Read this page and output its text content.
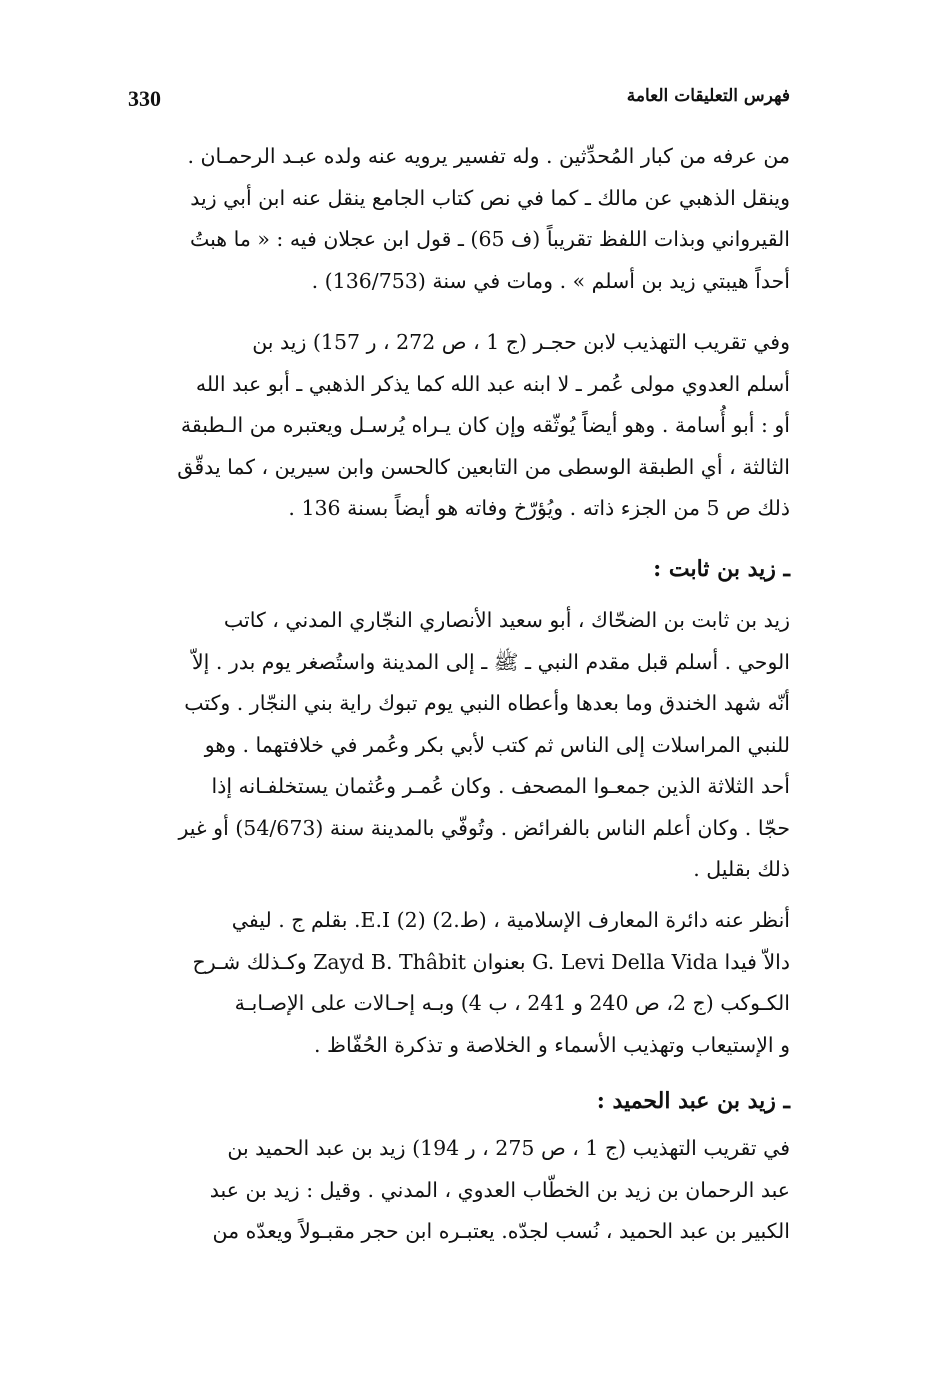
330	فهرس التعليقات العامة
من عرفه من كبار المُحدِّثين . وله تفسير يرويه عنه ولده عبـد الرحمـان .
وينقل الذهبي عن مالك ـ كما في نص كتاب الجامع ينقل عنه ابن أبي زيد
القيرواني وبذات اللفظ تقريباً (ف 65) ـ قول ابن عجلان فيه : « ما هبتُ
أحداً هيبتي زيد بن أسلم » . ومات في سنة (136/753) .
وفي تقريب التهذيب لابن حجـر (ج 1 ، ص 272 ، ر 157) زيد بن
أسلم العدوي مولى عُمر ـ لا ابنه عبد الله كما يذكر الذهبي ـ أبو عبد الله
أو : أبو أُسامة . وهو أيضاً يُوثّقه وإن كان يـراه يُرسـل ويعتبره من الـطبقة
الثالثة ، أي الطبقة الوسطى من التابعين كالحسن وابن سيرين ، كما يدقّق
ذلك ص 5 من الجزء ذاته . ويُؤرّخ وفاته هو أيضاً بسنة 136 .
ـ زيد بن ثابت :
زيد بن ثابت بن الضحّاك ، أبو سعيد الأنصاري النجّاري المدني ، كاتب
الوحي . أسلم قبل مقدم النبي ـ ﷺ ـ إلى المدينة واستُصغر يوم بدر . إلاّ
أنّه شهد الخندق وما بعدها وأعطاه النبي يوم تبوك راية بني النجّار . وكتب
للنبي المراسلات إلى الناس ثم كتب لأبي بكر وعُمر في خلافتهما . وهو
أحد الثلاثة الذين جمعـوا المصحف . وكان عُمـر وعُثمان يستخلفـانه إذا
حجّا . وكان أعلم الناس بالفرائض . وتُوفّي بالمدينة سنة (54/673) أو غير
ذلك بقليل .
أنظر عنه دائرة المعارف الإسلامية ، (ط.2) (2) E.I. بقلم ج . ليفي
دالاّ فيدا G. Levi Della Vida بعنوان Zayd B. Thâbit وكـذلك شـرح
الكـوكب (ج 2، ص 240 و 241 ، ب 4) وبـه إحـالات على الإصـابـة
و الإستيعاب وتهذيب الأسماء و الخلاصة و تذكرة الحُفّاظ .
ـ زيد بن عبد الحميد :
في تقريب التهذيب (ج 1 ، ص 275 ، ر 194) زيد بن عبد الحميد بن
عبد الرحمان بن زيد بن الخطّاب العدوي ، المدني . وقيل : زيد بن عبد
الكبير بن عبد الحميد ، نُسب لجدّه. يعتبـره ابن حجر مقبـولاً ويعدّه من
